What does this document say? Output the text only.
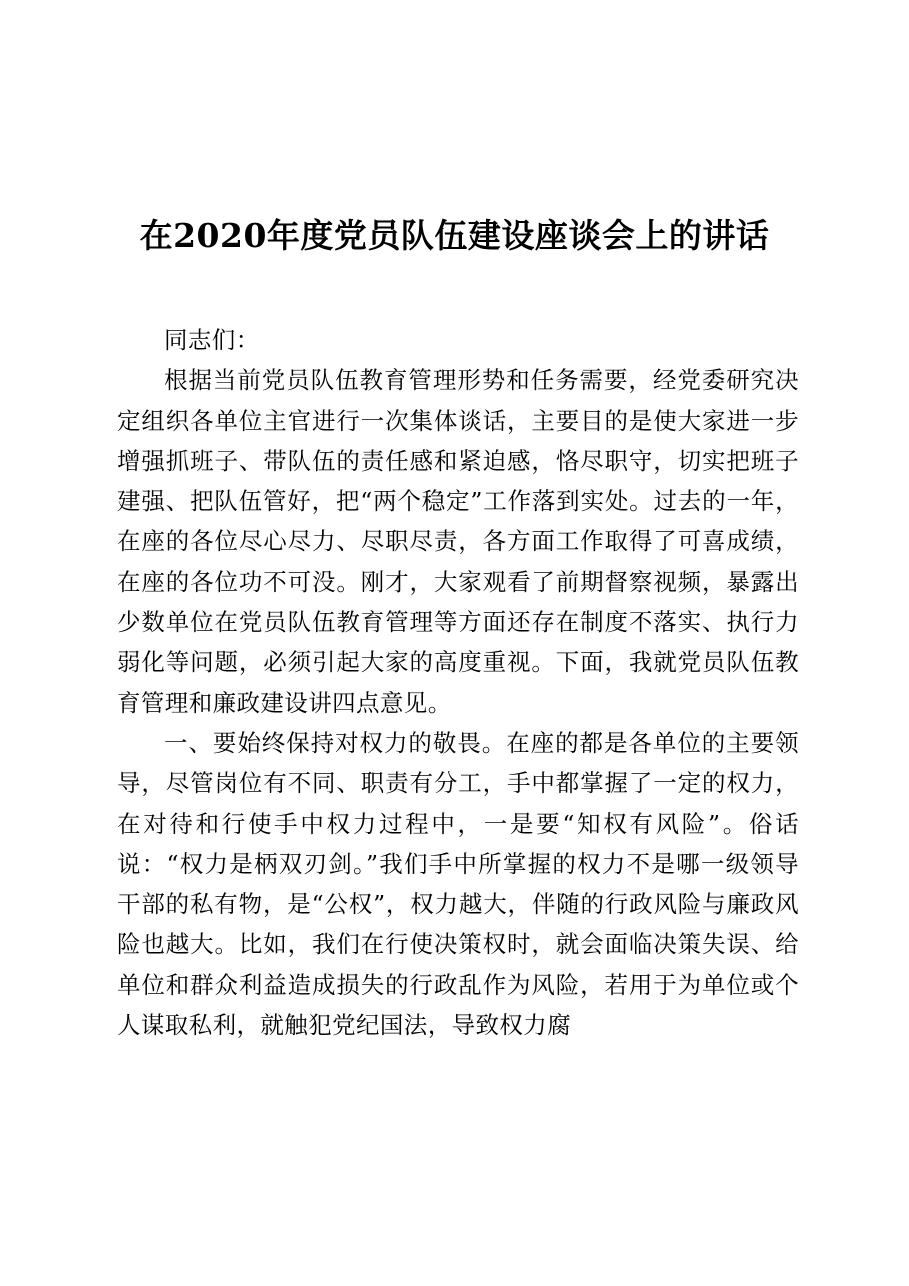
在2020年度党员队伍建设座谈会上的讲话

同志们：

根据当前党员队伍教育管理形势和任务需要，经党委研究决定组织各单位主官进行一次集体谈话，主要目的是使大家进一步增强抓班子、带队伍的责任感和紧迫感，恪尽职守，切实把班子建强、把队伍管好，把“两个稳定”工作落到实处。过去的一年，在座的各位尽心尽力、尽职尽责，各方面工作取得了可喜成绩，在座的各位功不可没。刚才，大家观看了前期督察视频，暴露出少数单位在党员队伍教育管理等方面还存在制度不落实、执行力弱化等问题，必须引起大家的高度重视。下面，我就党员队伍教育管理和廉政建设讲四点意见。

一、要始终保持对权力的敬畏。在座的都是各单位的主要领导，尽管岗位有不同、职责有分工，手中都掌握了一定的权力，在对待和行使手中权力过程中，一是要“知权有风险”。俗话说：“权力是柄双刃剑。”我们手中所掌握的权力不是哪一级领导干部的私有物，是“公权”，权力越大，伴随的行政风险与廉政风险也越大。比如，我们在行使决策权时，就会面临决策失误、给单位和群众利益造成损失的行政乱作为风险，若用于为单位或个人谋取私利，就触犯党纪国法，导致权力腐
